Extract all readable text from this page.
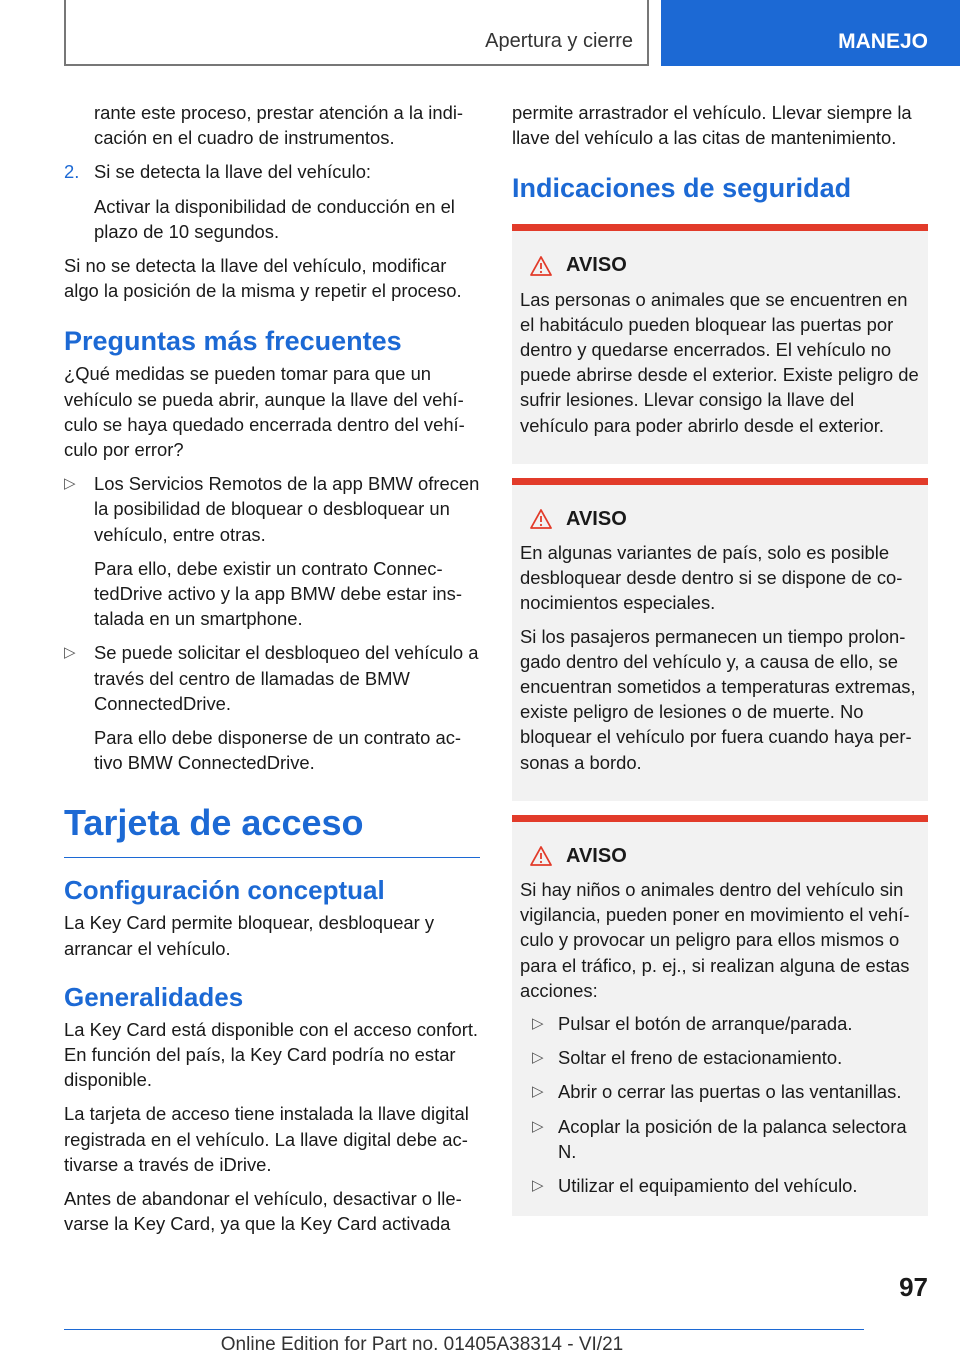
Apertura y cierre	MANEJO

rante este proceso, prestar atención a la indicación en el cuadro de instrumentos.

2. Si se detecta la llave del vehículo:

Activar la disponibilidad de conducción en el plazo de 10 segundos.

Si no se detecta la llave del vehículo, modificar algo la posición de la misma y repetir el proceso.

Preguntas más frecuentes

¿Qué medidas se pueden tomar para que un vehículo se pueda abrir, aunque la llave del vehículo se haya quedado encerrada dentro del vehículo por error?

▷	Los Servicios Remotos de la app BMW ofrecen la posibilidad de bloquear o desbloquear un vehículo, entre otras.

Para ello, debe existir un contrato ConnectedDrive activo y la app BMW debe estar instalada en un smartphone.

▷	Se puede solicitar el desbloqueo del vehículo a través del centro de llamadas de BMW ConnectedDrive.

Para ello debe disponerse de un contrato activo BMW ConnectedDrive.

Tarjeta de acceso
Configuración conceptual

La Key Card permite bloquear, desbloquear y arrancar el vehículo.

Generalidades

La Key Card está disponible con el acceso confort. En función del país, la Key Card podría no estar disponible.

La tarjeta de acceso tiene instalada la llave digital registrada en el vehículo. La llave digital debe activarse a través de iDrive.

Antes de abandonar el vehículo, desactivar o llevarse la Key Card, ya que la Key Card activada

permite arrastrador el vehículo. Llevar siempre la llave del vehículo a las citas de mantenimiento.

Indicaciones de seguridad
AVISO
Las personas o animales que se encuentren en el habitáculo pueden bloquear las puertas por dentro y quedarse encerrados. El vehículo no puede abrirse desde el exterior. Existe peligro de sufrir lesiones. Llevar consigo la llave del vehículo para poder abrirlo desde el exterior.
AVISO
En algunas variantes de país, solo es posible desbloquear desde dentro si se dispone de conocimientos especiales.
Si los pasajeros permanecen un tiempo prolongado dentro del vehículo y, a causa de ello, se encuentran sometidos a temperaturas extremas, existe peligro de lesiones o de muerte. No bloquear el vehículo por fuera cuando haya personas a bordo.
AVISO
Si hay niños o animales dentro del vehículo sin vigilancia, pueden poner en movimiento el vehículo y provocar un peligro para ellos mismos o para el tráfico, p. ej., si realizan alguna de estas acciones:
▷ Pulsar el botón de arranque/parada.
▷ Soltar el freno de estacionamiento.
▷ Abrir o cerrar las puertas o las ventanillas.
▷ Acoplar la posición de la palanca selectora N.
▷ Utilizar el equipamiento del vehículo.
97
Online Edition for Part no. 01405A38314 - VI/21
